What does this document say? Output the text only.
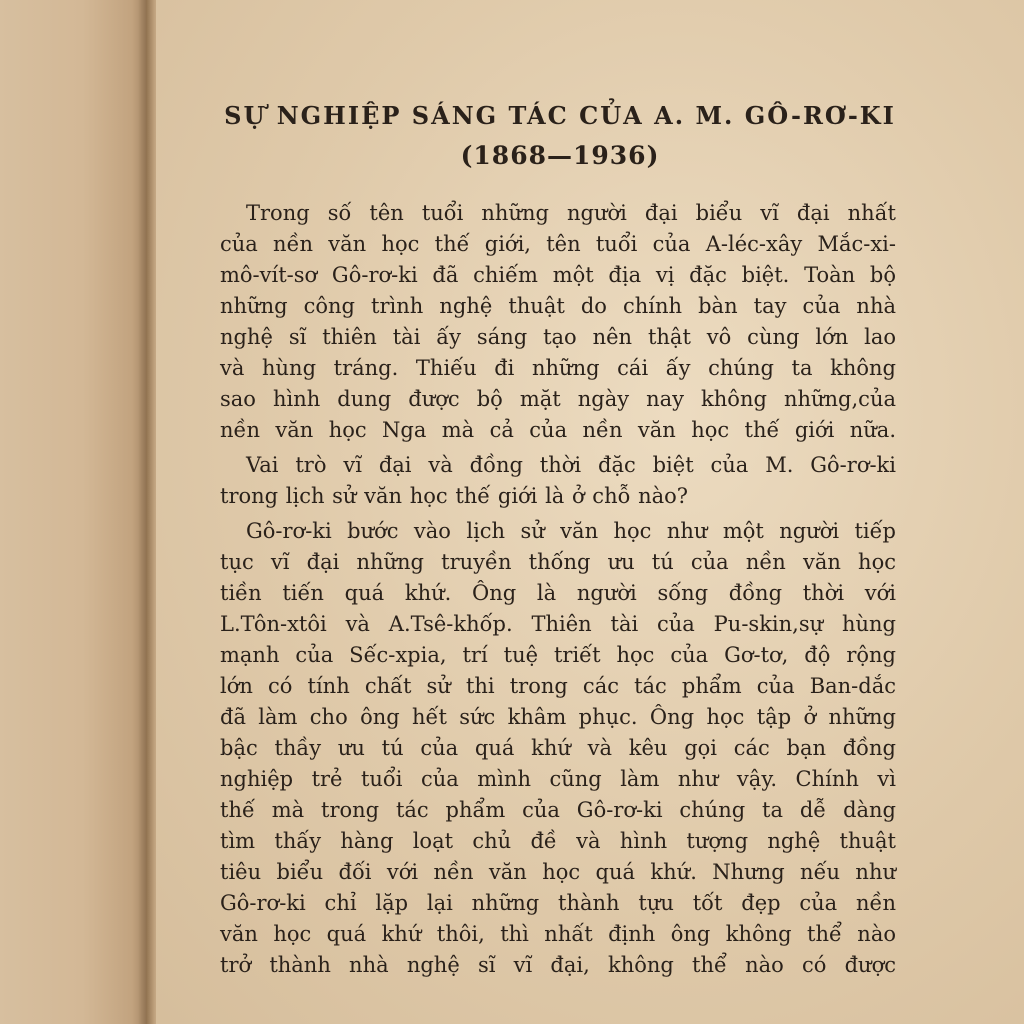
SỰ NGHIỆP SÁNG TÁC CỦA A. M. GÔ-RƠ-KI
(1868—1936)

Trong số tên tuổi những người đại biểu vĩ đại nhất
của nền văn học thế giới, tên tuổi của A-léc-xây Mắc-xi-
mô-vít-sơ Gô-rơ-ki đã chiếm một địa vị đặc biệt. Toàn bộ
những công trình nghệ thuật do chính bàn tay của nhà
nghệ sĩ thiên tài ấy sáng tạo nên thật vô cùng lớn lao
và hùng tráng. Thiếu đi những cái ấy chúng ta không
sao hình dung được bộ mặt ngày nay không những,của
nền văn học Nga mà cả của nền văn học thế giới nữa.

Vai trò vĩ đại và đồng thời đặc biệt của M. Gô-rơ-ki
trong lịch sử văn học thế giới là ở chỗ nào?

Gô-rơ-ki bước vào lịch sử văn học như một người tiếp
tục vĩ đại những truyền thống ưu tú của nền văn học
tiền tiến quá khứ. Ông là người sống đồng thời với
L.Tôn-xtôi và A.Tsê-khốp. Thiên tài của Pu-skin,sự hùng
mạnh của Sếc-xpia, trí tuệ triết học của Gơ-tơ, độ rộng
lớn có tính chất sử thi trong các tác phẩm của Ban-dắc
đã làm cho ông hết sức khâm phục. Ông học tập ở những
bậc thầy ưu tú của quá khứ và kêu gọi các bạn đồng
nghiệp trẻ tuổi của mình cũng làm như vậy. Chính vì
thế mà trong tác phẩm của Gô-rơ-ki chúng ta dễ dàng
tìm thấy hàng loạt chủ đề và hình tượng nghệ thuật
tiêu biểu đối với nền văn học quá khứ. Nhưng nếu như
Gô-rơ-ki chỉ lặp lại những thành tựu tốt đẹp của nền
văn học quá khứ thôi, thì nhất định ông không thể nào
trở thành nhà nghệ sĩ vĩ đại, không thể nào có được
